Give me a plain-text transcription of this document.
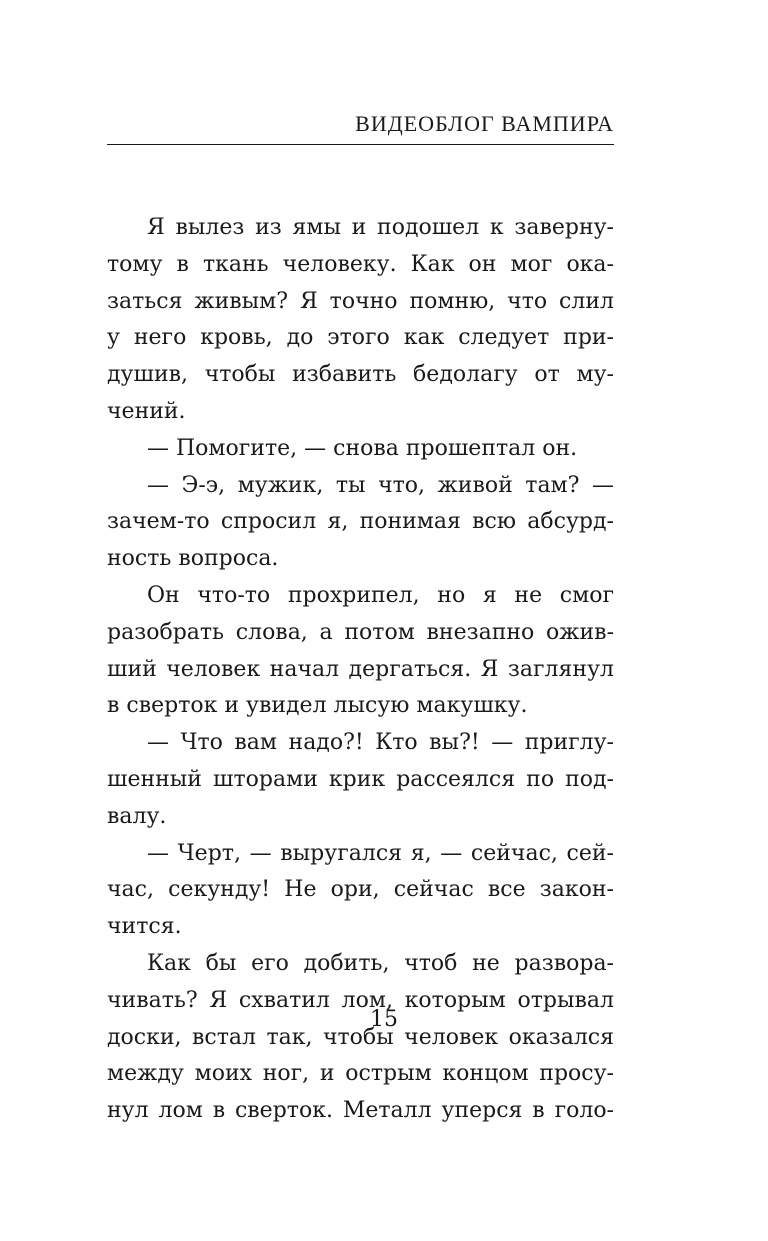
ВИДЕОБЛОГ ВАМПИРА
Я вылез из ямы и подошел к заверну-
тому в ткань человеку. Как он мог ока-
заться живым? Я точно помню, что слил
у него кровь, до этого как следует при-
душив, чтобы избавить бедолагу от му-
чений.
— Помогите, — снова прошептал он.
— Э-э, мужик, ты что, живой там? —
зачем-то спросил я, понимая всю абсурд-
ность вопроса.
Он что-то прохрипел, но я не смог
разобрать слова, а потом внезапно ожив-
ший человек начал дергаться. Я заглянул
в сверток и увидел лысую макушку.
— Что вам надо?! Кто вы?! — приглу-
шенный шторами крик рассеялся по под-
валу.
— Черт, — выругался я, — сейчас, сей-
час, секунду! Не ори, сейчас все закон-
чится.
Как бы его добить, чтоб не развора-
чивать? Я схватил лом, которым отрывал
доски, встал так, чтобы человек оказался
между моих ног, и острым концом просу-
нул лом в сверток. Металл уперся в голо-
15
